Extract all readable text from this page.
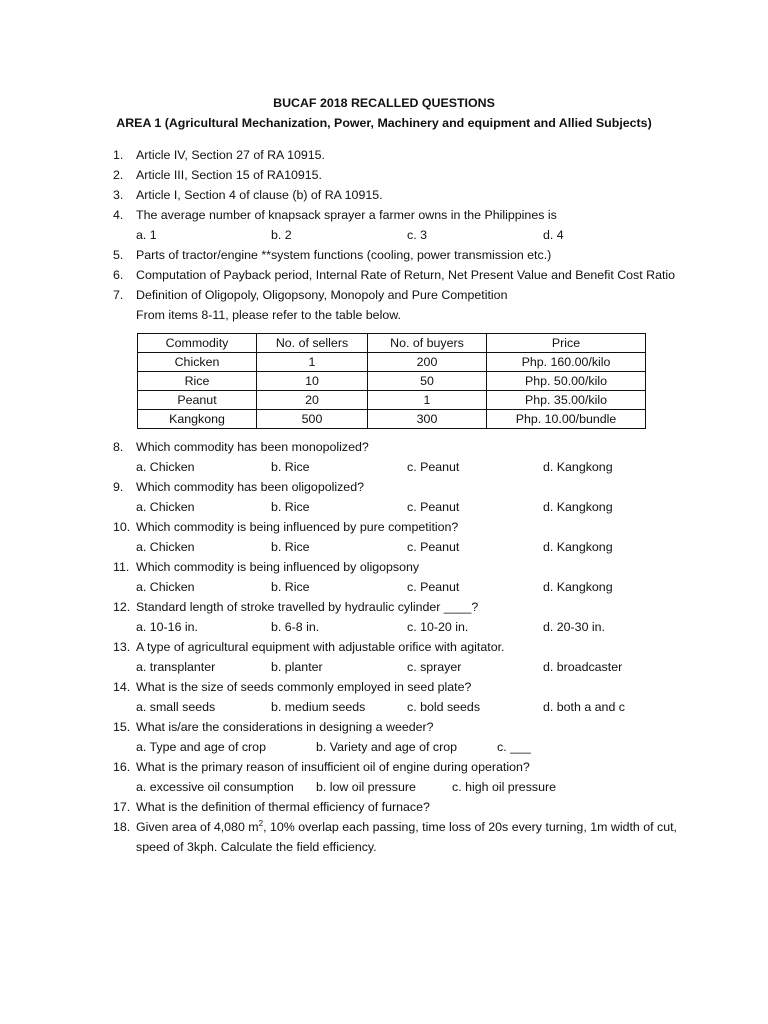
BUCAF 2018 RECALLED QUESTIONS
AREA 1 (Agricultural Mechanization, Power, Machinery and equipment and Allied Subjects)
1. Article IV, Section 27 of RA 10915.
2. Article III, Section 15 of RA10915.
3. Article I, Section 4 of clause (b) of RA 10915.
4. The average number of knapsack sprayer a farmer owns in the Philippines is
a. 1	b. 2	c. 3	d. 4
5. Parts of tractor/engine **system functions (cooling, power transmission etc.)
6. Computation of Payback period, Internal Rate of Return, Net Present Value and Benefit Cost Ratio
7. Definition of Oligopoly, Oligopsony, Monopoly and Pure Competition
From items 8-11, please refer to the table below.
Commodity	No. of sellers	No. of buyers	Price
Chicken	1	200	Php. 160.00/kilo
Rice	10	50	Php. 50.00/kilo
Peanut	20	1	Php. 35.00/kilo
Kangkong	500	300	Php. 10.00/bundle
8. Which commodity has been monopolized?
a. Chicken	b. Rice	c. Peanut	d. Kangkong
9. Which commodity has been oligopolized?
a. Chicken	b. Rice	c. Peanut	d. Kangkong
10. Which commodity is being influenced by pure competition?
a. Chicken	b. Rice	c. Peanut	d. Kangkong
11. Which commodity is being influenced by oligopsony
a. Chicken	b. Rice	c. Peanut	d. Kangkong
12. Standard length of stroke travelled by hydraulic cylinder ____?
a. 10-16 in.	b. 6-8 in.	c. 10-20 in.	d. 20-30 in.
13. A type of agricultural equipment with adjustable orifice with agitator.
a. transplanter	b. planter	c. sprayer	d. broadcaster
14. What is the size of seeds commonly employed in seed plate?
a. small seeds	b. medium seeds	c. bold seeds	d. both a and c
15. What is/are the considerations in designing a weeder?
a. Type and age of crop	b. Variety and age of crop	c. ___
16. What is the primary reason of insufficient oil of engine during operation?
a. excessive oil consumption b. low oil pressure	c. high oil pressure
17. What is the definition of thermal efficiency of furnace?
18. Given area of 4,080 $m^2$, 10% overlap each passing, time loss of 20s every turning, 1m width of cut, speed of 3kph. Calculate the field efficiency.
